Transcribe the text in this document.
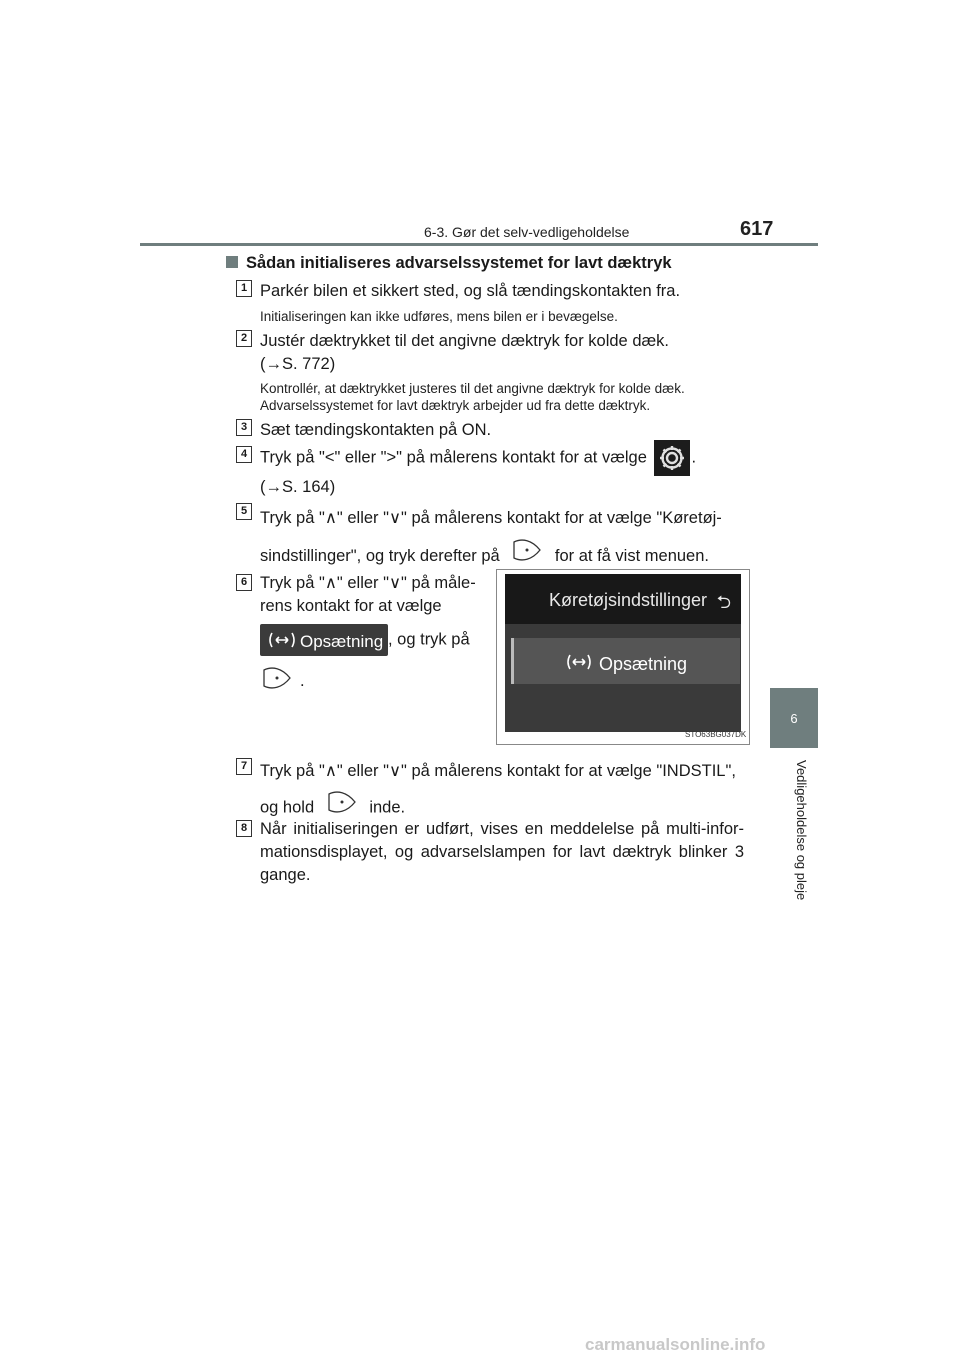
6-3. Gør det selv-vedligeholdelse	617
6
Vedligeholdelse og pleje
Sådan initialiseres advarselssystemet for lavt dæktryk
1 Parkér bilen et sikkert sted, og slå tændingskontakten fra.
Initialiseringen kan ikke udføres, mens bilen er i bevægelse.
2 Justér dæktrykket til det angivne dæktryk for kolde dæk.
(→S. 772)
Kontrollér, at dæktrykket justeres til det angivne dæktryk for kolde dæk.
Advarselssystemet for lavt dæktryk arbejder ud fra dette dæktryk.
3 Sæt tændingskontakten på ON.
4 Tryk på "<" eller ">" på målerens kontakt for at vælge	.
(→S. 164)
5 Tryk på "∧" eller "∨" på målerens kontakt for at vælge "Køretøj-
sindstillinger", og tryk derefter på	for at få vist menuen.
6 Tryk på "∧" eller "∨" på måle-
rens kontakt for at vælge
Opsætning , og tryk på
.
Køretøjsindstillinger ⮌
Opsætning
STO63BG037DK
7 Tryk på "∧" eller "∨" på målerens kontakt for at vælge "INDSTIL",
og hold	inde.
8 Når initialiseringen er udført, vises en meddelelse på multi-infor-mationsdisplayet, og advarselslampen for lavt dæktryk blinker 3 gange.
carmanualsonline.info
